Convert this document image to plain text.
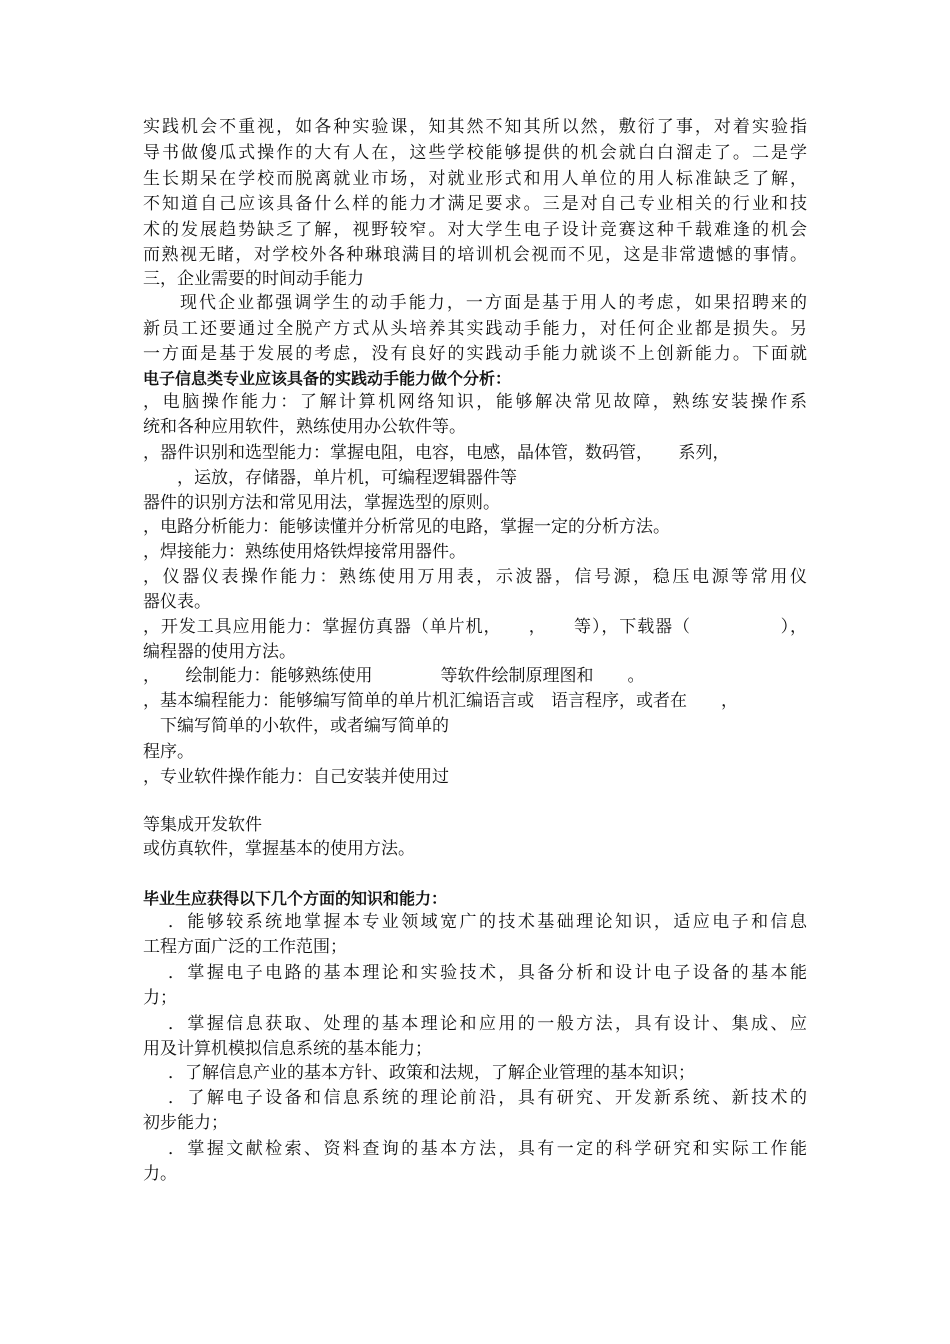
实践机会不重视，如各种实验课，知其然不知其所以然，敷衍了事，对着实验指
导书做傻瓜式操作的大有人在，这些学校能够提供的机会就白白溜走了。二是学
生长期呆在学校而脱离就业市场，对就业形式和用人单位的用人标准缺乏了解，
不知道自己应该具备什么样的能力才满足要求。三是对自己专业相关的行业和技
术的发展趋势缺乏了解，视野较窄。对大学生电子设计竞赛这种千载难逢的机会
而熟视无睹，对学校外各种琳琅满目的培训机会视而不见，这是非常遗憾的事情。
三，企业需要的时间动手能力
现代企业都强调学生的动手能力，一方面是基于用人的考虑，如果招聘来的
新员工还要通过全脱产方式从头培养其实践动手能力，对任何企业都是损失。另
一方面是基于发展的考虑，没有良好的实践动手能力就谈不上创新能力。下面就
电子信息类专业应该具备的实践动手能力做个分析：
，电脑操作能力：了解计算机网络知识，能够解决常见故障，熟练安装操作系
统和各种应用软件，熟练使用办公软件等。
，器件识别和选型能力：掌握电阻，电容，电感，晶体管，数码管，　　系列，
　　，运放，存储器，单片机，可编程逻辑器件等
器件的识别方法和常见用法，掌握选型的原则。
，电路分析能力：能够读懂并分析常见的电路，掌握一定的分析方法。
，焊接能力：熟练使用烙铁焊接常用器件。
，仪器仪表操作能力：熟练使用万用表，示波器，信号源，稳压电源等常用仪
器仪表。
，开发工具应用能力：掌握仿真器（单片机，　　，　　等），下载器（　　　　　），
编程器的使用方法。
，　　绘制能力：能够熟练使用　　　　等软件绘制原理图和　　。
，基本编程能力：能够编写简单的单片机汇编语言或　语言程序，或者在　　，
　下编写简单的小软件，或者编写简单的
程序。
，专业软件操作能力：自己安装并使用过
等集成开发软件
或仿真软件，掌握基本的使用方法。
毕业生应获得以下几个方面的知识和能力：
．能够较系统地掌握本专业领域宽广的技术基础理论知识，适应电子和信息
工程方面广泛的工作范围；
．掌握电子电路的基本理论和实验技术，具备分析和设计电子设备的基本能
力；
．掌握信息获取、处理的基本理论和应用的一般方法，具有设计、集成、应
用及计算机模拟信息系统的基本能力；
．了解信息产业的基本方针、政策和法规，了解企业管理的基本知识；
．了解电子设备和信息系统的理论前沿，具有研究、开发新系统、新技术的
初步能力；
．掌握文献检索、资料查询的基本方法，具有一定的科学研究和实际工作能
力。
